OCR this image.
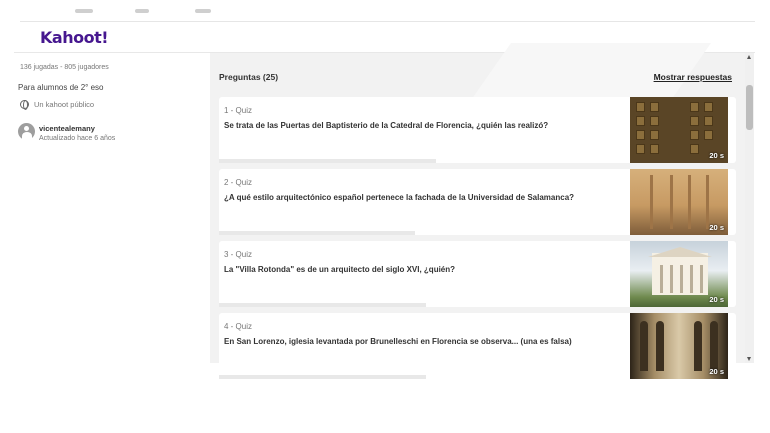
Kahoot!
136 jugadas - 805 jugadores
Para alumnos de 2° eso
Un kahoot público
vicentealemany
Actualizado hace 6 años
Preguntas (25)	Mostrar respuestas
1 - Quiz
Se trata de las Puertas del Baptisterio de la Catedral de Florencia, ¿quién las realizó?
20 s
2 - Quiz
¿A qué estilo arquitectónico español pertenece la fachada de la Universidad de Salamanca?
20 s
3 - Quiz
La "Villa Rotonda" es de un arquitecto del siglo XVI, ¿quién?
20 s
4 - Quiz
En San Lorenzo, iglesia levantada por Brunelleschi en Florencia se observa... (una es falsa)
20 s
